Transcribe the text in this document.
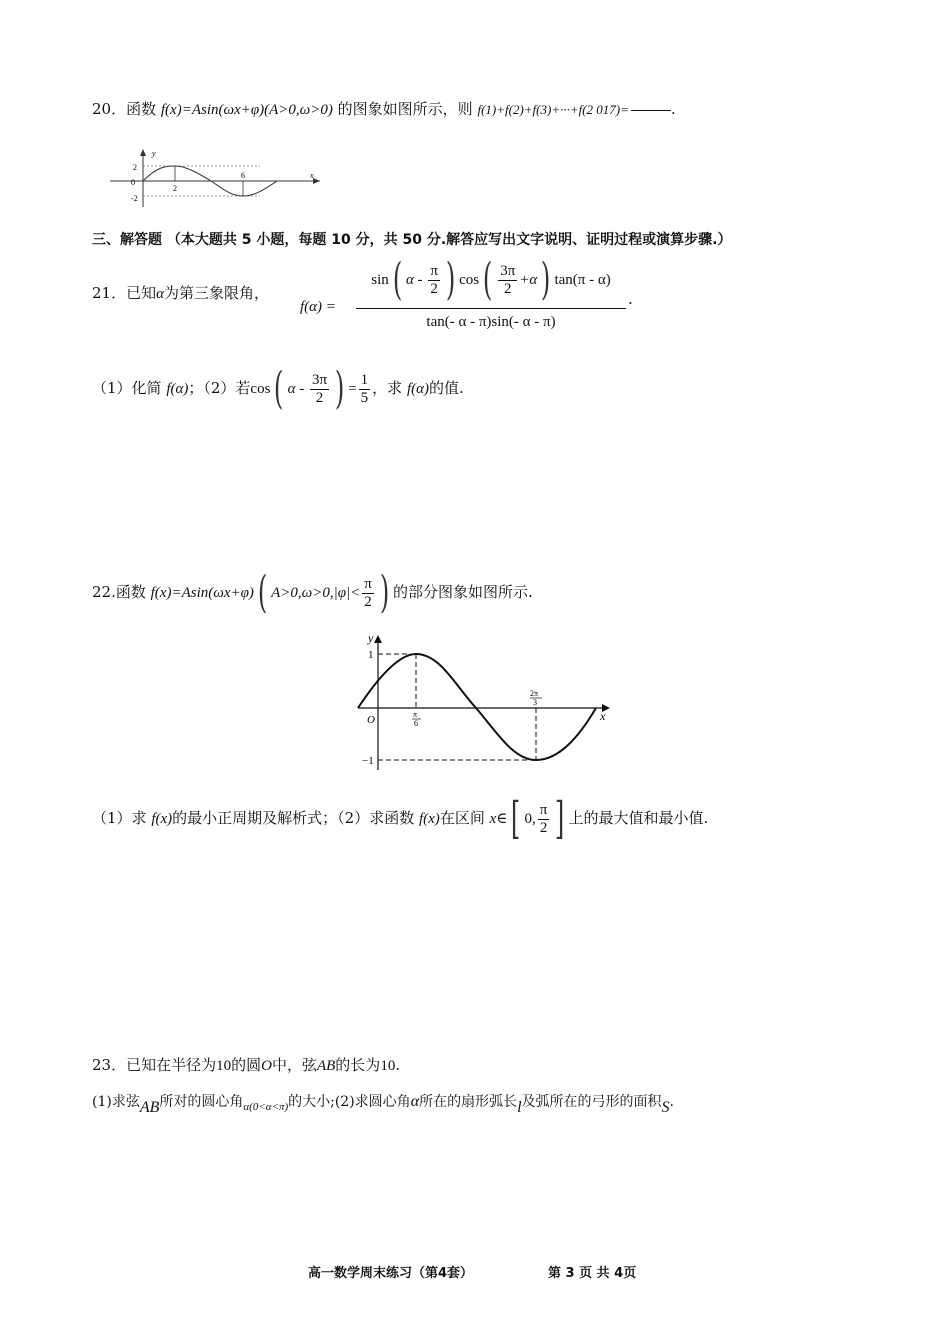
20．函数 f(x)=Asin(ωx+φ)(A>0,ω>0) 的图象如图所示，则 f(1)+f(2)+f(3)+···+f(2 017)=	.
y
x
2
0
-2
2
6
三、解答题 （本大题共 5 小题，每题 10 分，共 50 分.解答应写出文字说明、证明过程或演算步骤.）
21．已知α为第三象限角，
f(α) =
sin( α - $\frac{\pi}{2}$ ) $\cos( \frac{3\pi}{2} +\alpha)$ tan(π - α)
tan(- α - π)sin(- α - π)
.
（1）化简 f(α)；（2）若cos( α - $\frac{3\pi}{2}$ ) = $\frac{1}{5}$ ，求 f(α)的值.
22.函数 f(x)=Asin(ωx+φ)( $A>0,\omega>0,|\varphi|< \frac{\pi}{2}$ ) 的部分图象如图所示.
y
x
O
1
−1
π
6
2π
3
（1）求 f(x)的最小正周期及解析式；（2）求函数 f(x)在区间 x∈[ 0, $\frac{\pi}{2}$ ] 上的最大值和最小值.
23．已知在半径为10的圆O中，弦AB的长为10.
(1)求弦AB所对的圆心角$_{\alpha(0<\alpha<\pi)}$的大小;(2)求圆心角α所在的扇形弧长l及弧所在的弓形的面积S.
高一数学周末练习（第4套）	第 3 页 共 4页
